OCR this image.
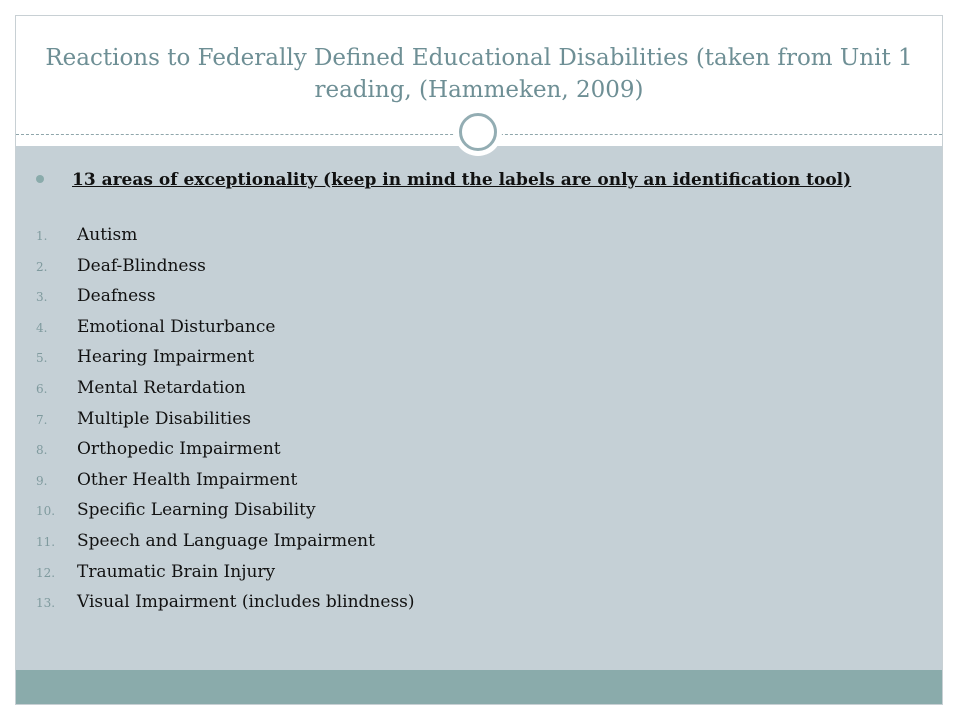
Reactions to Federally Defined Educational Disabilities (taken from Unit 1 reading, (Hammeken, 2009)
13 areas of exceptionality (keep in mind the labels are only an identification tool)
1. Autism
2. Deaf-Blindness
3. Deafness
4. Emotional Disturbance
5. Hearing Impairment
6. Mental Retardation
7. Multiple Disabilities
8. Orthopedic Impairment
9. Other Health Impairment
10. Specific Learning Disability
11. Speech and Language Impairment
12. Traumatic Brain Injury
13. Visual Impairment (includes blindness)
